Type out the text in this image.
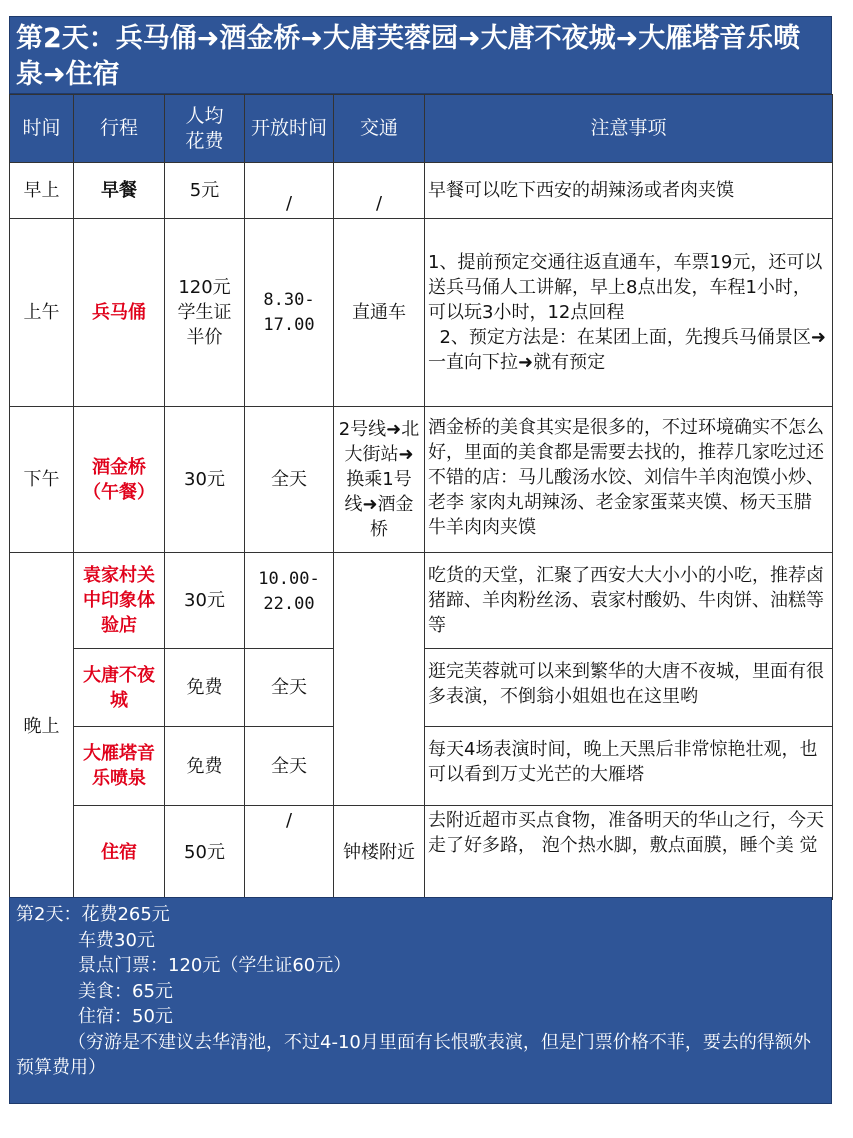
第2天：兵马俑➜酒金桥➜大唐芙蓉园➜大唐不夜城➜大雁塔音乐喷泉➜住宿
时间	行程	人均花费	开放时间	交通	注意事项
早上	早餐	5元	/	/	早餐可以吃下西安的胡辣汤或者肉夹馍
上午	兵马俑	120元学生证半价	8.30-17.00	直通车	1、提前预定交通往返直通车，车票19元，还可以送兵马俑人工讲解，早上8点出发，车程1小时，可以玩3小时，12点回程
2、预定方法是：在某团上面，先搜兵马俑景区➜一直向下拉➜就有预定
下午	酒金桥（午餐）	30元	全天	2号线➜北大街站➜换乘1号线➜酒金桥	酒金桥的美食其实是很多的，不过环境确实不怎么好，里面的美食都是需要去找的，推荐几家吃过还不错的店：马儿酸汤水饺、刘信牛羊肉泡馍小炒、老李 家肉丸胡辣汤、老金家蛋菜夹馍、杨天玉腊牛羊肉肉夹馍
晚上	袁家村关中印象体验店	30元	10.00-22.00		吃货的天堂，汇聚了西安大大小小的小吃，推荐卤猪蹄、羊肉粉丝汤、袁家村酸奶、牛肉饼、油糕等等
	大唐不夜城	免费	全天		逛完芙蓉就可以来到繁华的大唐不夜城，里面有很多表演，不倒翁小姐姐也在这里哟
	大雁塔音乐喷泉	免费	全天		每天4场表演时间，晚上天黑后非常惊艳壮观，也可以看到万丈光芒的大雁塔
	住宿	50元	/	钟楼附近	去附近超市买点食物，准备明天的华山之行，今天走了好多路， 泡个热水脚，敷点面膜，睡个美 觉
第2天：花费265元
车费30元
景点门票：120元（学生证60元）
美食：65元
住宿：50元
（穷游是不建议去华清池，不过4-10月里面有长恨歌表演，但是门票价格不菲，要去的得额外预算费用）
